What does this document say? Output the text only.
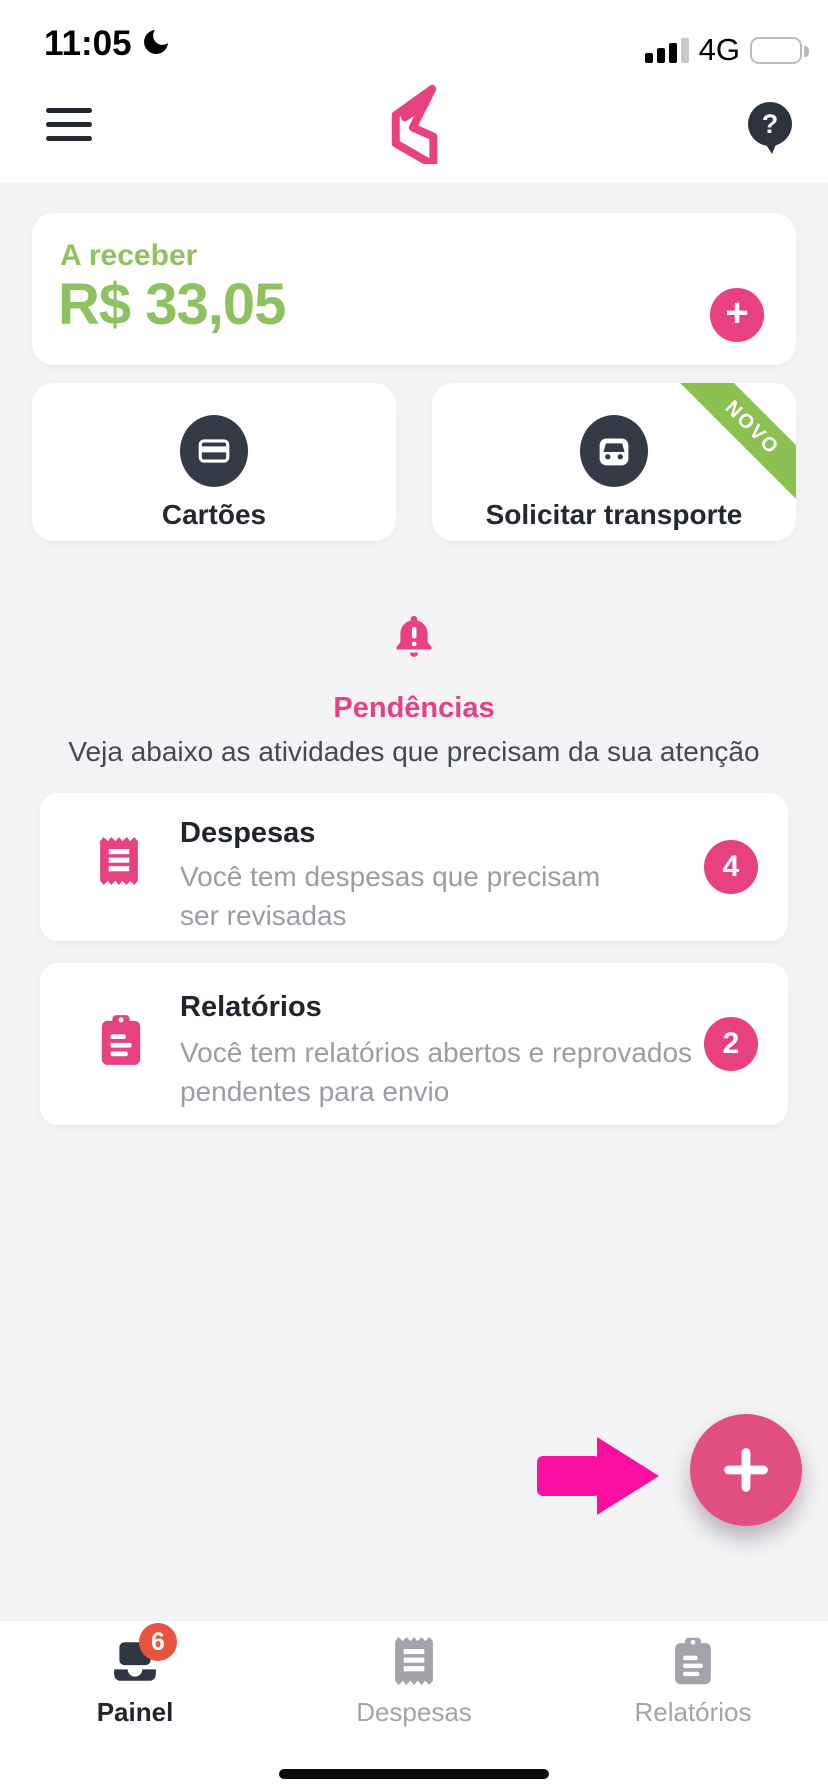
11:05	4G
?
A receber
R$ 33,05	+
Cartões	Solicitar transporte
NOVO
Pendências
Veja abaixo as atividades que precisam da sua atenção
Despesas
Você tem despesas que precisam ser revisadas
4
Relatórios
Você tem relatórios abertos e reprovados pendentes para envio
2
6
Painel	Despesas	Relatórios
